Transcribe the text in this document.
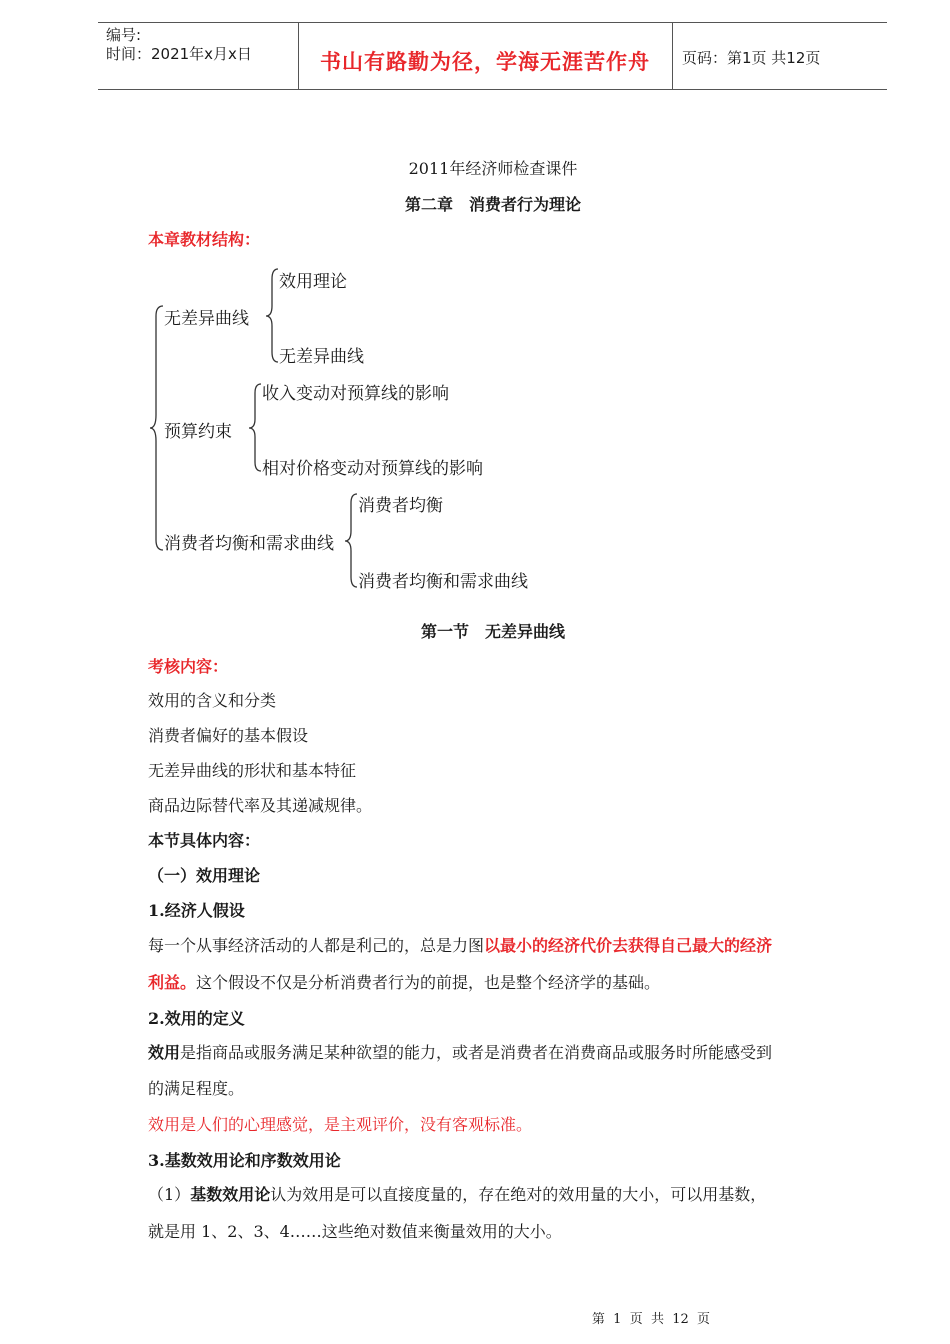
编号:
时间：2021年x月x日	书山有路勤为径，学海无涯苦作舟 页码：第1页 共12页
2011年经济师检查课件
第二章　消费者行为理论
本章教材结构：
无差异曲线
效用理论
无差异曲线
预算约束
收入变动对预算线的影响
相对价格变动对预算线的影响
消费者均衡和需求曲线
消费者均衡
消费者均衡和需求曲线
第一节　无差异曲线
考核内容：
效用的含义和分类
消费者偏好的基本假设
无差异曲线的形状和基本特征
商品边际替代率及其递减规律。
本节具体内容：
（一）效用理论
1.经济人假设
每一个从事经济活动的人都是利己的，总是力图以最小的经济代价去获得自己最大的经济
利益。这个假设不仅是分析消费者行为的前提，也是整个经济学的基础。
2.效用的定义
效用是指商品或服务满足某种欲望的能力，或者是消费者在消费商品或服务时所能感受到
的满足程度。
效用是人们的心理感觉，是主观评价，没有客观标准。
3.基数效用论和序数效用论
（1）基数效用论认为效用是可以直接度量的，存在绝对的效用量的大小，可以用基数，
就是用 1、2、3、4……这些绝对数值来衡量效用的大小。
第  1  页  共  12  页
